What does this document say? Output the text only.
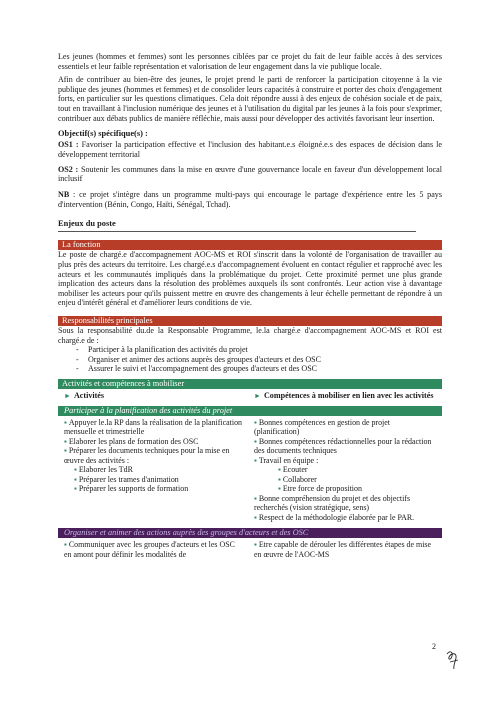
Les jeunes (hommes et femmes) sont les personnes ciblées par ce projet du fait de leur faible accès à des services essentiels et leur faible représentation et valorisation de leur engagement dans la vie publique locale.

Afin de contribuer au bien-être des jeunes, le projet prend le parti de renforcer la participation citoyenne à la vie publique des jeunes (hommes et femmes) et de consolider leurs capacités à construire et porter des choix d'engagement forts, en particulier sur les questions climatiques. Cela doit répondre aussi à des enjeux de cohésion sociale et de paix, tout en travaillant à l'inclusion numérique des jeunes et à l'utilisation du digital par les jeunes à la fois pour s'exprimer, contribuer aux débats publics de manière réfléchie, mais aussi pour développer des activités favorisant leur insertion.

Objectif(s) spécifique(s) :

OS1 : Favoriser la participation effective et l'inclusion des habitant.e.s éloigné.e.s des espaces de décision dans le développement territorial

OS2 : Soutenir les communes dans la mise en œuvre d'une gouvernance locale en faveur d'un développement local inclusif

NB : ce projet s'intègre dans un programme multi-pays qui encourage le partage d'expérience entre les 5 pays d'intervention (Bénin, Congo, Haïti, Sénégal, Tchad).

Enjeux du poste
La fonction

Le poste de chargé.e d'accompagnement AOC-MS et ROI s'inscrit dans la volonté de l'organisation de travailler au plus près des acteurs du territoire. Les chargé.e.s d'accompagnement évoluent en contact régulier et rapproché avec les acteurs et les communautés impliqués dans la problématique du projet. Cette proximité permet une plus grande implication des acteurs dans la résolution des problèmes auxquels ils sont confrontés. Leur action vise à davantage mobiliser les acteurs pour qu'ils puissent mettre en œuvre des changements à leur échelle permettant de répondre à un enjeu d'intérêt général et d'améliorer leurs conditions de vie.

Responsabilités principales

Sous la responsabilité du.de la Responsable Programme, le.la chargé.e d'accompagnement AOC-MS et ROI est chargé.e de :

- Participer à la planification des activités du projet
- Organiser et animer des actions auprès des groupes d'acteurs et des OSC
- Assurer le suivi et l'accompagnement des groupes d'acteurs et des OSC
Activités et compétences à mobiliser
► Activités	► Compétences à mobiliser en lien avec les activités
Participer à la planification des activités du projet
▪ Appuyer le.la RP dans la réalisation de la planification mensuelle et trimestrielle
▪ Elaborer les plans de formation des OSC
▪ Préparer les documents techniques pour la mise en œuvre des activités :
▪ Elaborer les TdR
▪ Préparer les trames d'animation
▪ Préparer les supports de formation
▪ Bonnes compétences en gestion de projet (planification)
▪ Bonnes compétences rédactionnelles pour la rédaction des documents techniques
▪ Travail en équipe :
▪ Ecouter
▪ Collaborer
▪ Etre force de proposition
▪ Bonne compréhension du projet et des objectifs recherchés (vision stratégique, sens)
▪ Respect de la méthodologie élaborée par le PAR.
Organiser et animer des actions auprès des groupes d'acteurs et des OSC
▪ Communiquer avec les groupes d'acteurs et les OSC en amont pour définir les modalités de
▪ Etre capable de dérouler les différentes étapes de mise en œuvre de l'AOC-MS
2
